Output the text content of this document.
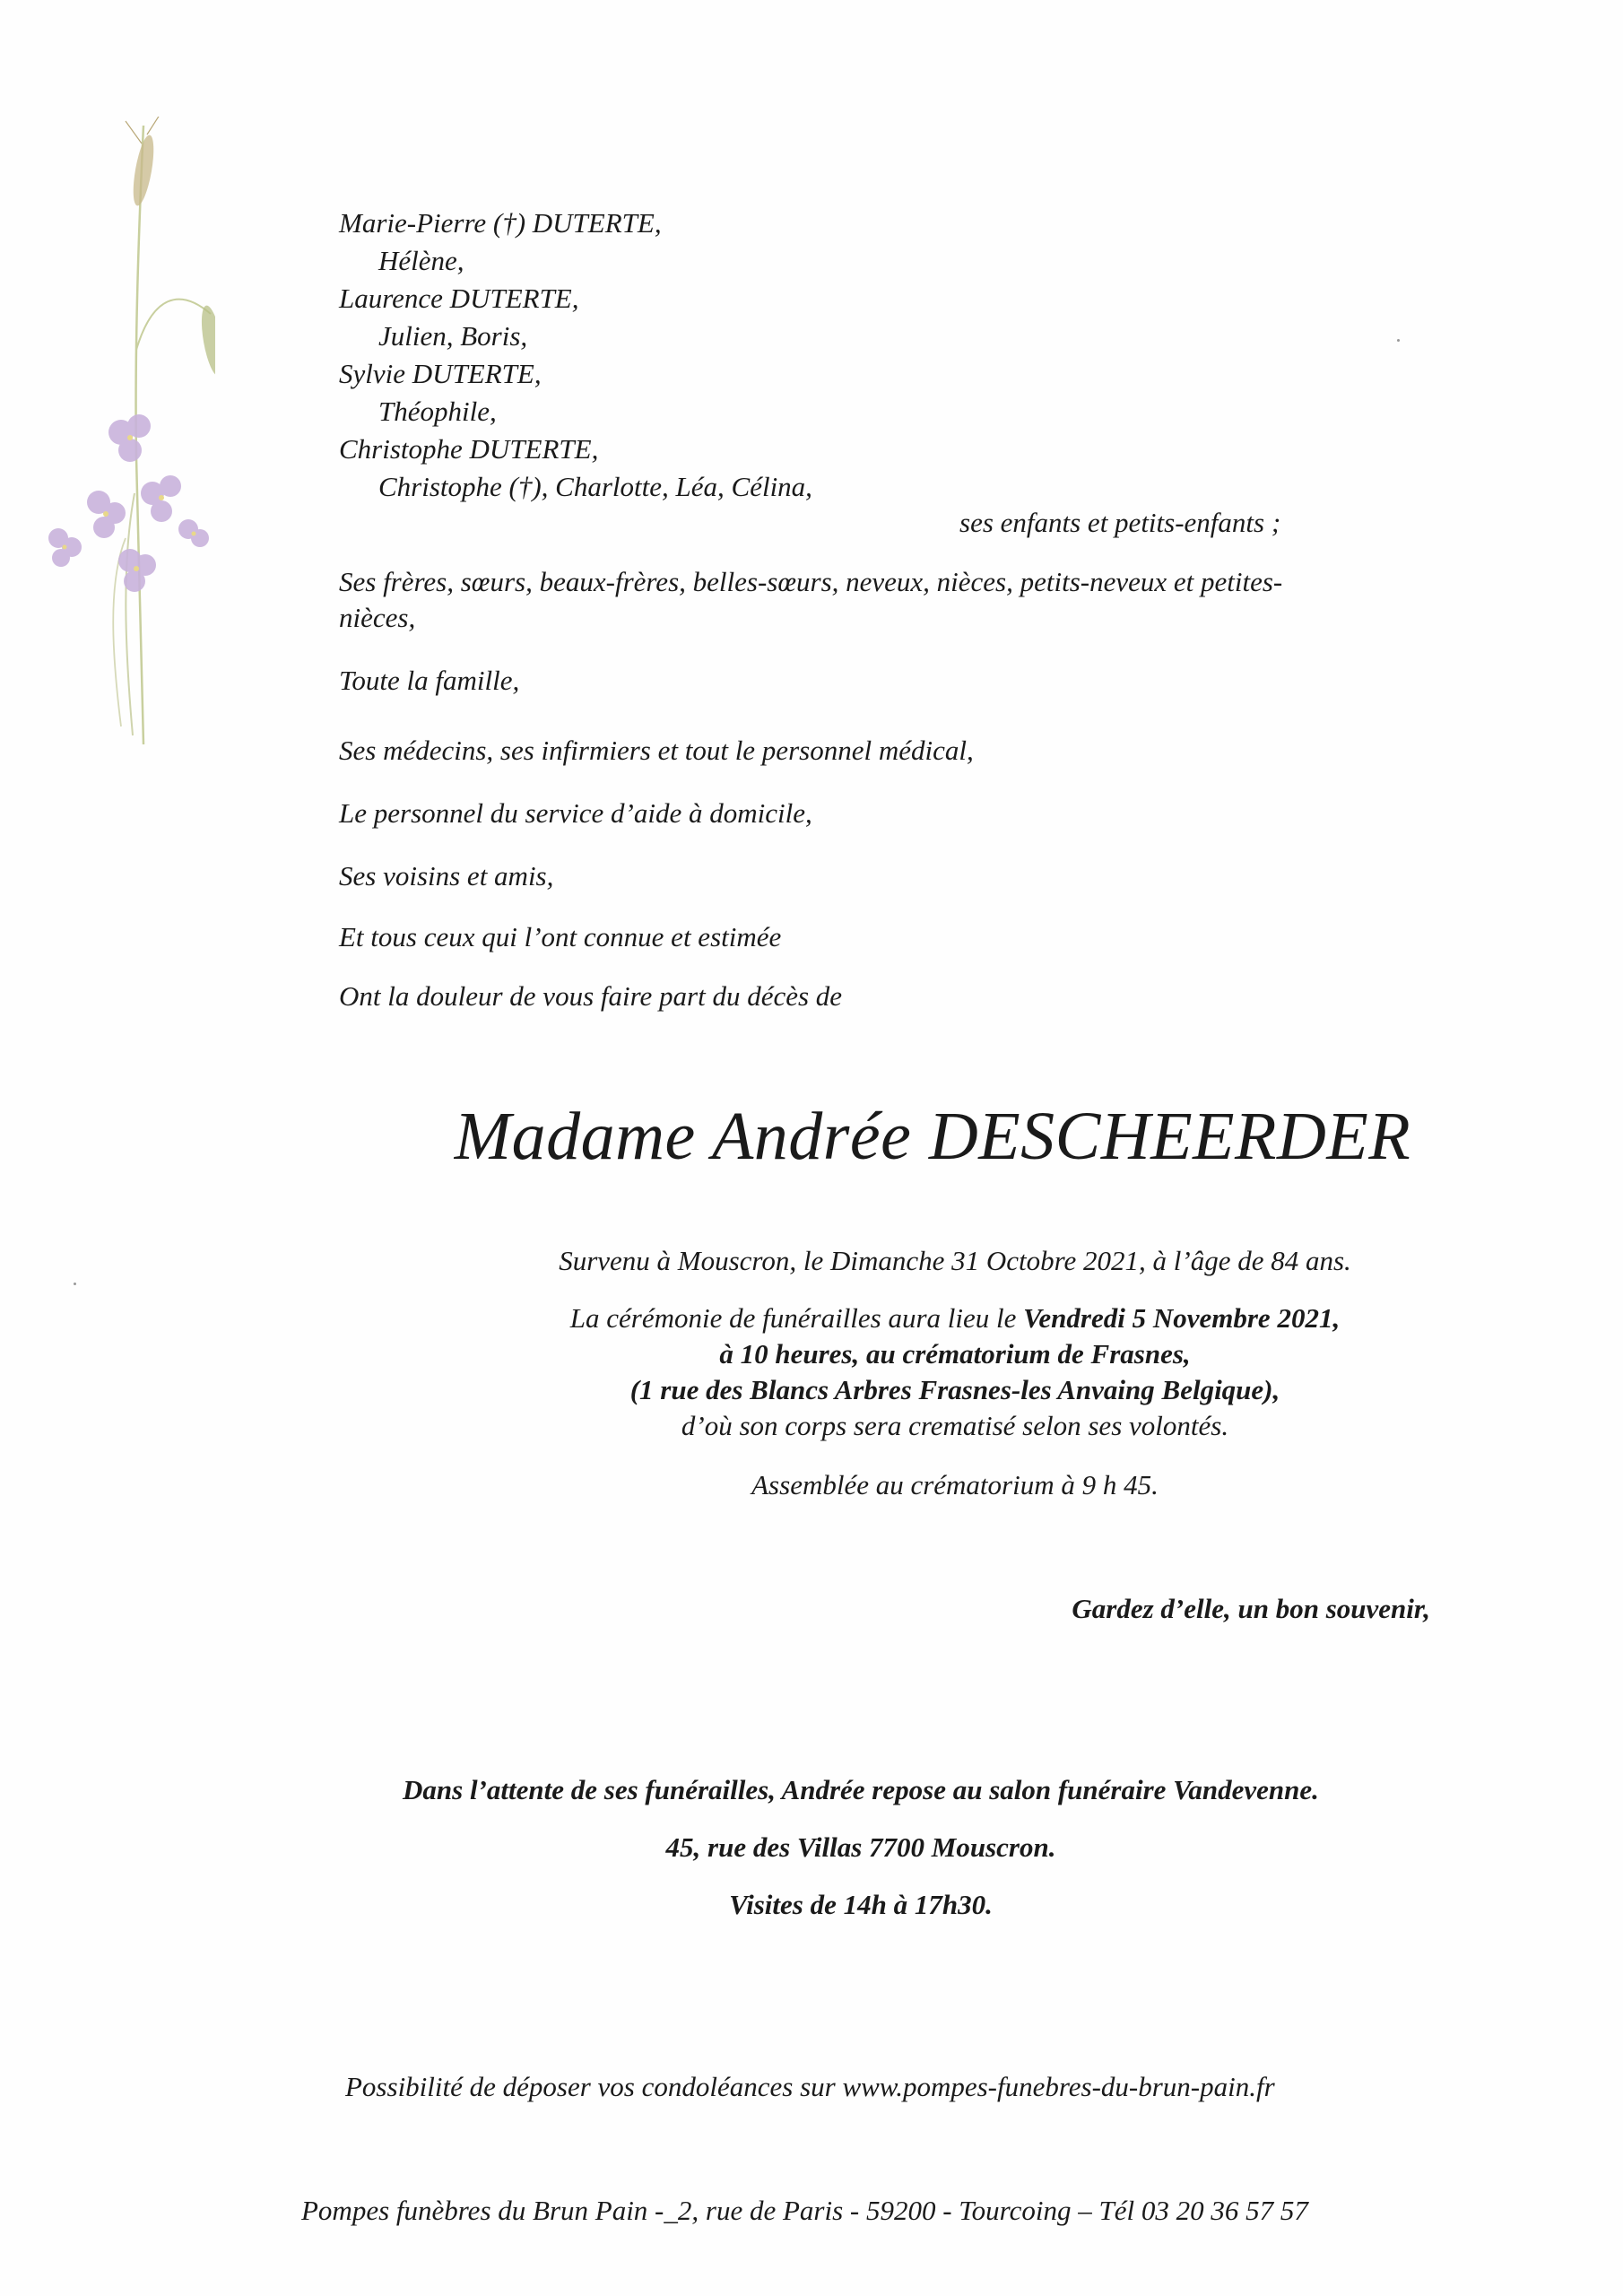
Marie-Pierre (†) DUTERTE,
Hélène,
Laurence DUTERTE,
Julien, Boris,
Sylvie DUTERTE,
Théophile,
Christophe DUTERTE,
Christophe (†), Charlotte, Léa, Célina,
ses enfants et petits-enfants ;
Ses frères, sœurs, beaux-frères, belles-sœurs, neveux, nièces, petits-neveux et petites-
nièces,
Toute la famille,
Ses médecins, ses infirmiers et tout le personnel médical,
Le personnel du service d’aide à domicile,
Ses voisins et amis,
Et tous ceux qui l’ont connue et estimée
Ont la douleur de vous faire part du décès de
Madame Andrée DESCHEERDER
Survenu à Mouscron, le Dimanche 31 Octobre 2021, à l’âge de 84 ans.
La cérémonie de funérailles aura lieu le Vendredi 5 Novembre 2021,
à 10 heures, au crématorium de Frasnes,
(1 rue des Blancs Arbres Frasnes-les Anvaing Belgique),
d’où son corps sera crematisé selon ses volontés.
Assemblée au crématorium à 9 h 45.
Gardez d’elle, un bon souvenir,
Dans l’attente de ses funérailles, Andrée repose au salon funéraire Vandevenne.
45, rue des Villas 7700 Mouscron.
Visites de 14h à 17h30.
Possibilité de déposer vos condoléances sur www.pompes-funebres-du-brun-pain.fr
Pompes funèbres du Brun Pain -_2, rue de Paris - 59200 - Tourcoing – Tél 03 20 36 57 57
